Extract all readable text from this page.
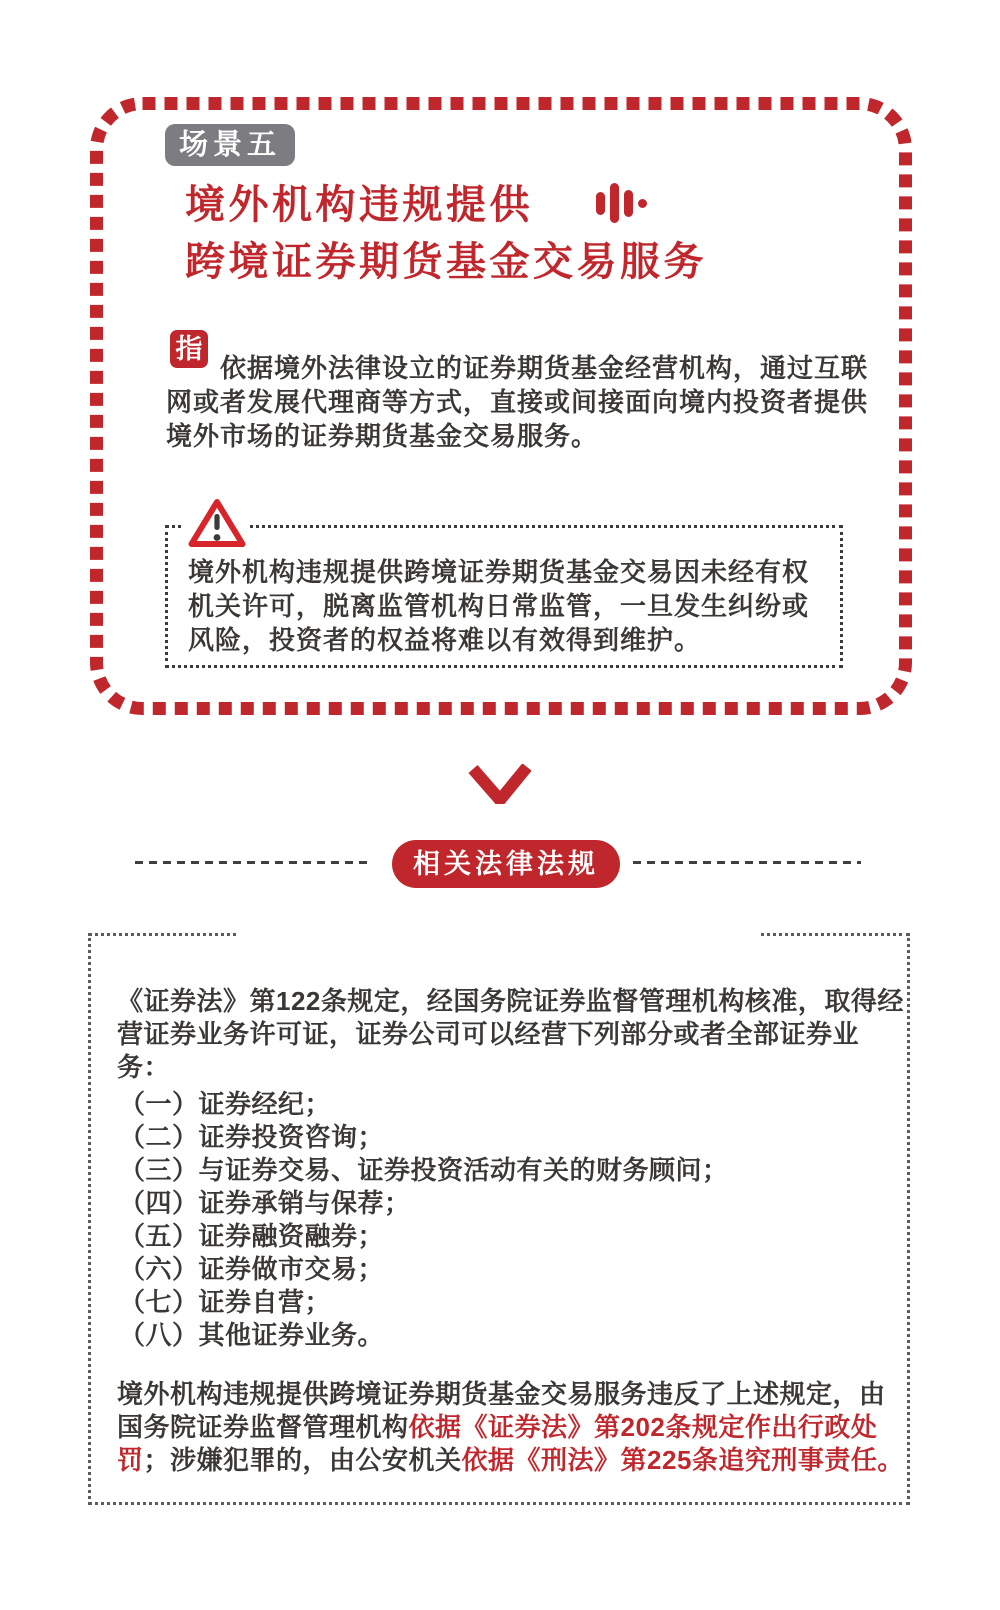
场景五
境外机构违规提供
跨境证券期货基金交易服务
指
依据境外法律设立的证券期货基金经营机构，通过互联
网或者发展代理商等方式，直接或间接面向境内投资者提供
境外市场的证券期货基金交易服务。
境外机构违规提供跨境证券期货基金交易因未经有权
机关许可，脱离监管机构日常监管，一旦发生纠纷或
风险，投资者的权益将难以有效得到维护。
相关法律法规
《证券法》第122条规定，经国务院证券监督管理机构核准，取得经
营证券业务许可证，证券公司可以经营下列部分或者全部证券业
务：
（一）证券经纪；
（二）证券投资咨询；
（三）与证券交易、证券投资活动有关的财务顾问；
（四）证券承销与保荐；
（五）证券融资融券；
（六）证券做市交易；
（七）证券自营；
（八）其他证券业务。
境外机构违规提供跨境证券期货基金交易服务违反了上述规定，由
国务院证券监督管理机构依据《证券法》第202条规定作出行政处
罚；涉嫌犯罪的，由公安机关依据《刑法》第225条追究刑事责任。
